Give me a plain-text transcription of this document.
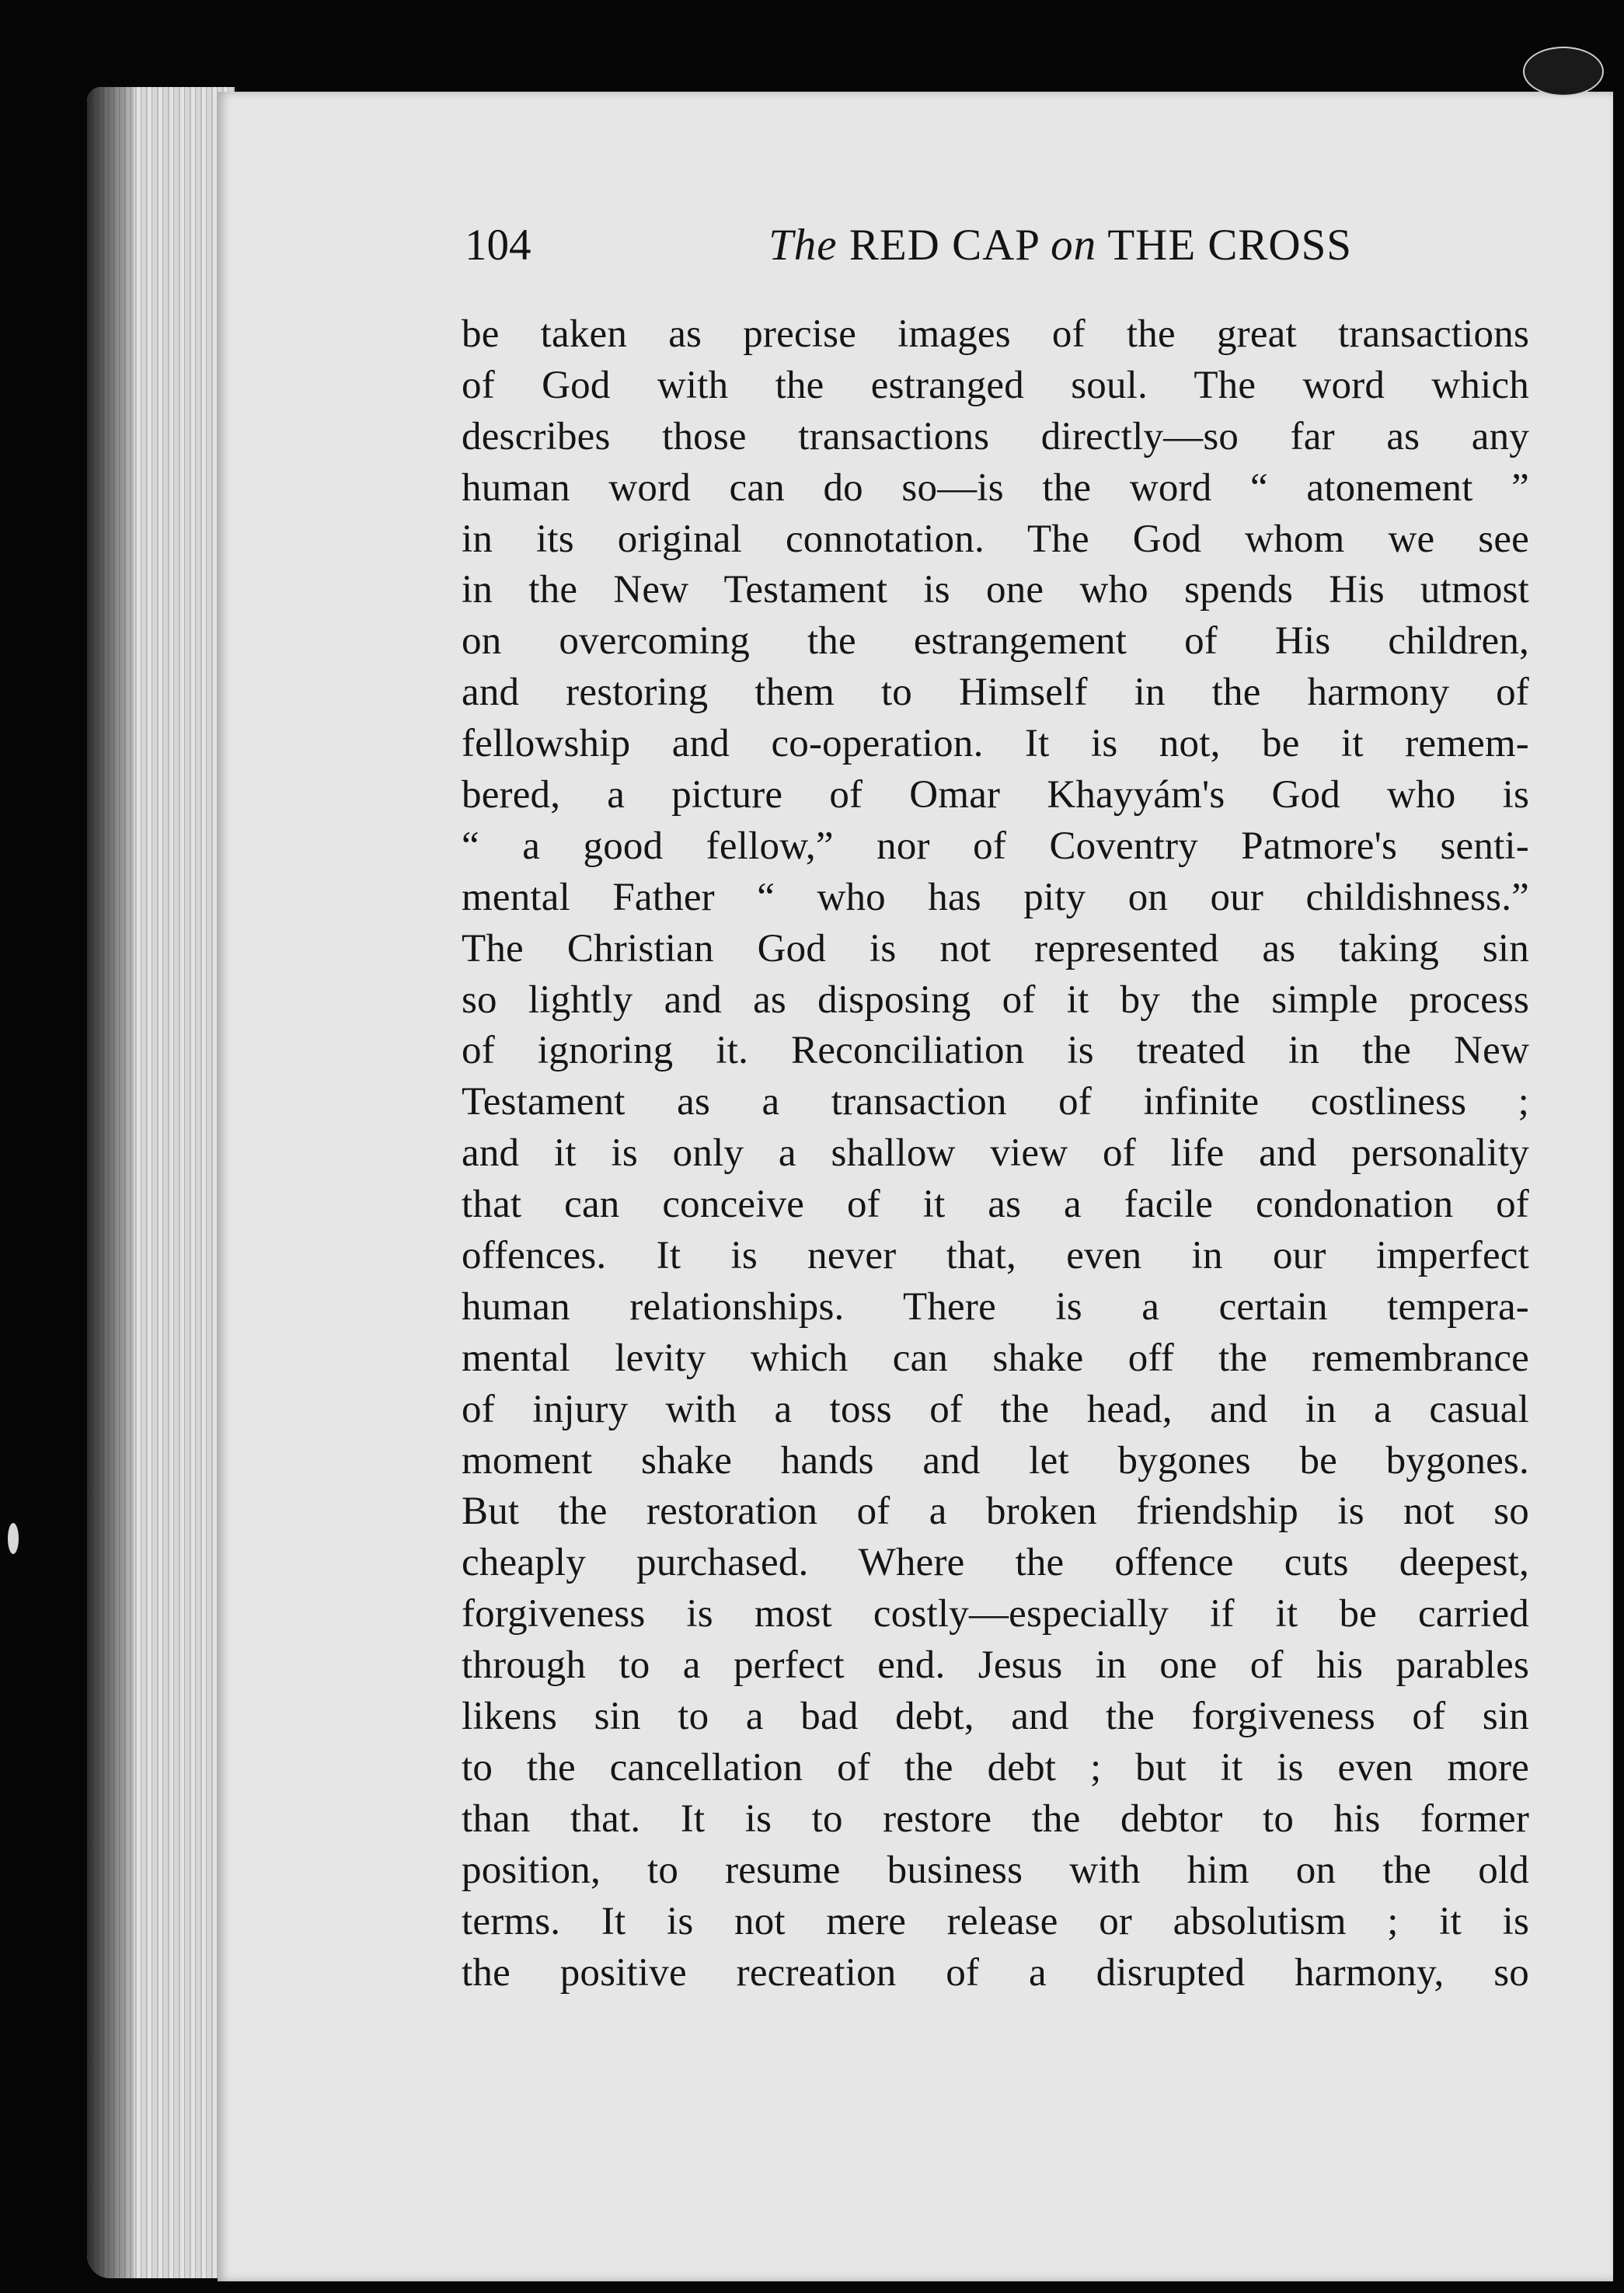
104	The RED CAP on THE CROSS
be taken as precise images of the great transactions
of God with the estranged soul. The word which
describes those transactions directly—so far as any
human word can do so—is the word “ atonement ”
in its original connotation. The God whom we see
in the New Testament is one who spends His utmost
on overcoming the estrangement of His children,
and restoring them to Himself in the harmony of
fellowship and co-operation. It is not, be it remem-
bered, a picture of Omar Khayyám's God who is
“ a good fellow,” nor of Coventry Patmore's senti-
mental Father “ who has pity on our childishness.”
The Christian God is not represented as taking sin
so lightly and as disposing of it by the simple process
of ignoring it. Reconciliation is treated in the New
Testament as a transaction of infinite costliness ;
and it is only a shallow view of life and personality
that can conceive of it as a facile condonation of
offences. It is never that, even in our imperfect
human relationships. There is a certain tempera-
mental levity which can shake off the remembrance
of injury with a toss of the head, and in a casual
moment shake hands and let bygones be bygones.
But the restoration of a broken friendship is not so
cheaply purchased. Where the offence cuts deepest,
forgiveness is most costly—especially if it be carried
through to a perfect end. Jesus in one of his parables
likens sin to a bad debt, and the forgiveness of sin
to the cancellation of the debt ; but it is even more
than that. It is to restore the debtor to his former
position, to resume business with him on the old
terms. It is not mere release or absolutism ; it is
the positive recreation of a disrupted harmony, so
